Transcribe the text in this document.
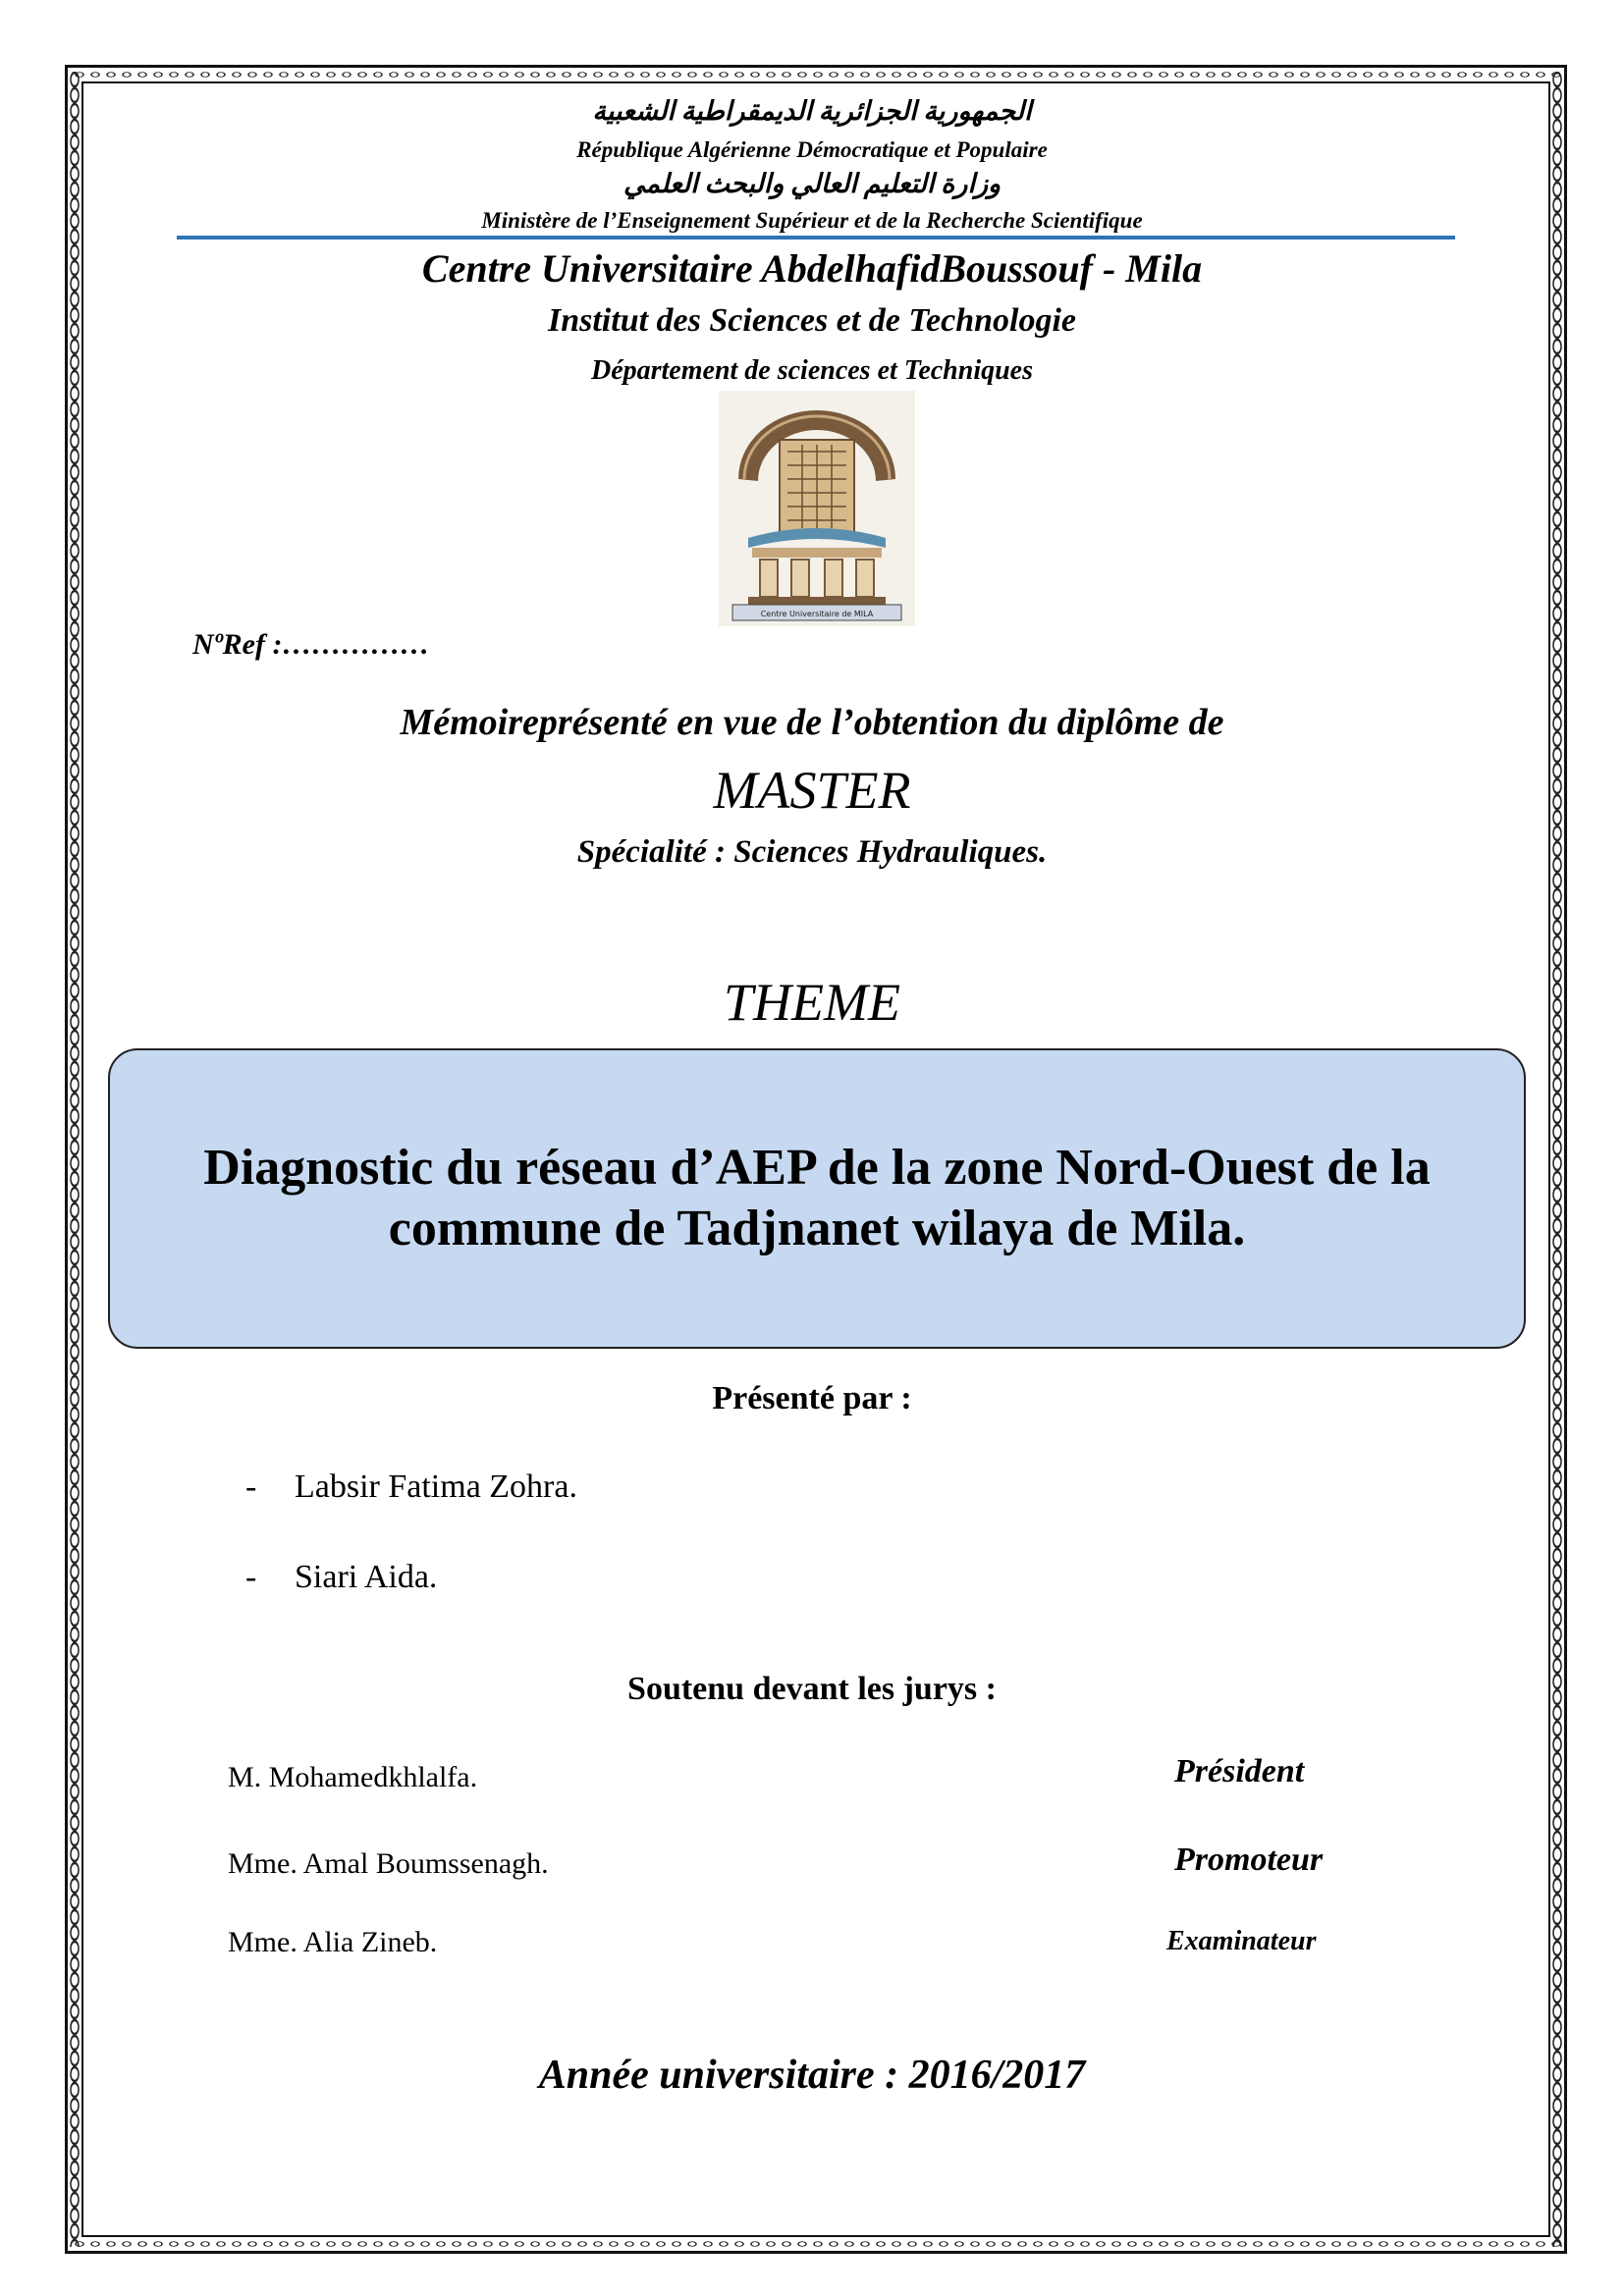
الجمهورية الجزائرية الديمقراطية الشعبية
République Algérienne Démocratique et Populaire
وزارة التعليم العالي والبحث العلمي
Ministère de l’Enseignement Supérieur et de la Recherche Scientifique
Centre Universitaire AbdelhafidBoussouf - Mila
Institut des Sciences et de Technologie
Département de sciences et Techniques
Centre Universitaire de MILA
NºRef :……………
Mémoireprésenté en vue de l’obtention du diplôme de
MASTER
Spécialité : Sciences Hydrauliques.
THEME
Diagnostic du réseau d’AEP de la zone Nord-Ouest de la commune de Tadjnanet wilaya de Mila.
Présenté par :
- Labsir Fatima Zohra.
- Siari Aida.
Soutenu devant les jurys :
M. Mohamedkhlalfa.	Président
Mme. Amal Boumssenagh.	Promoteur
Mme. Alia Zineb.	Examinateur
Année universitaire : 2016/2017
